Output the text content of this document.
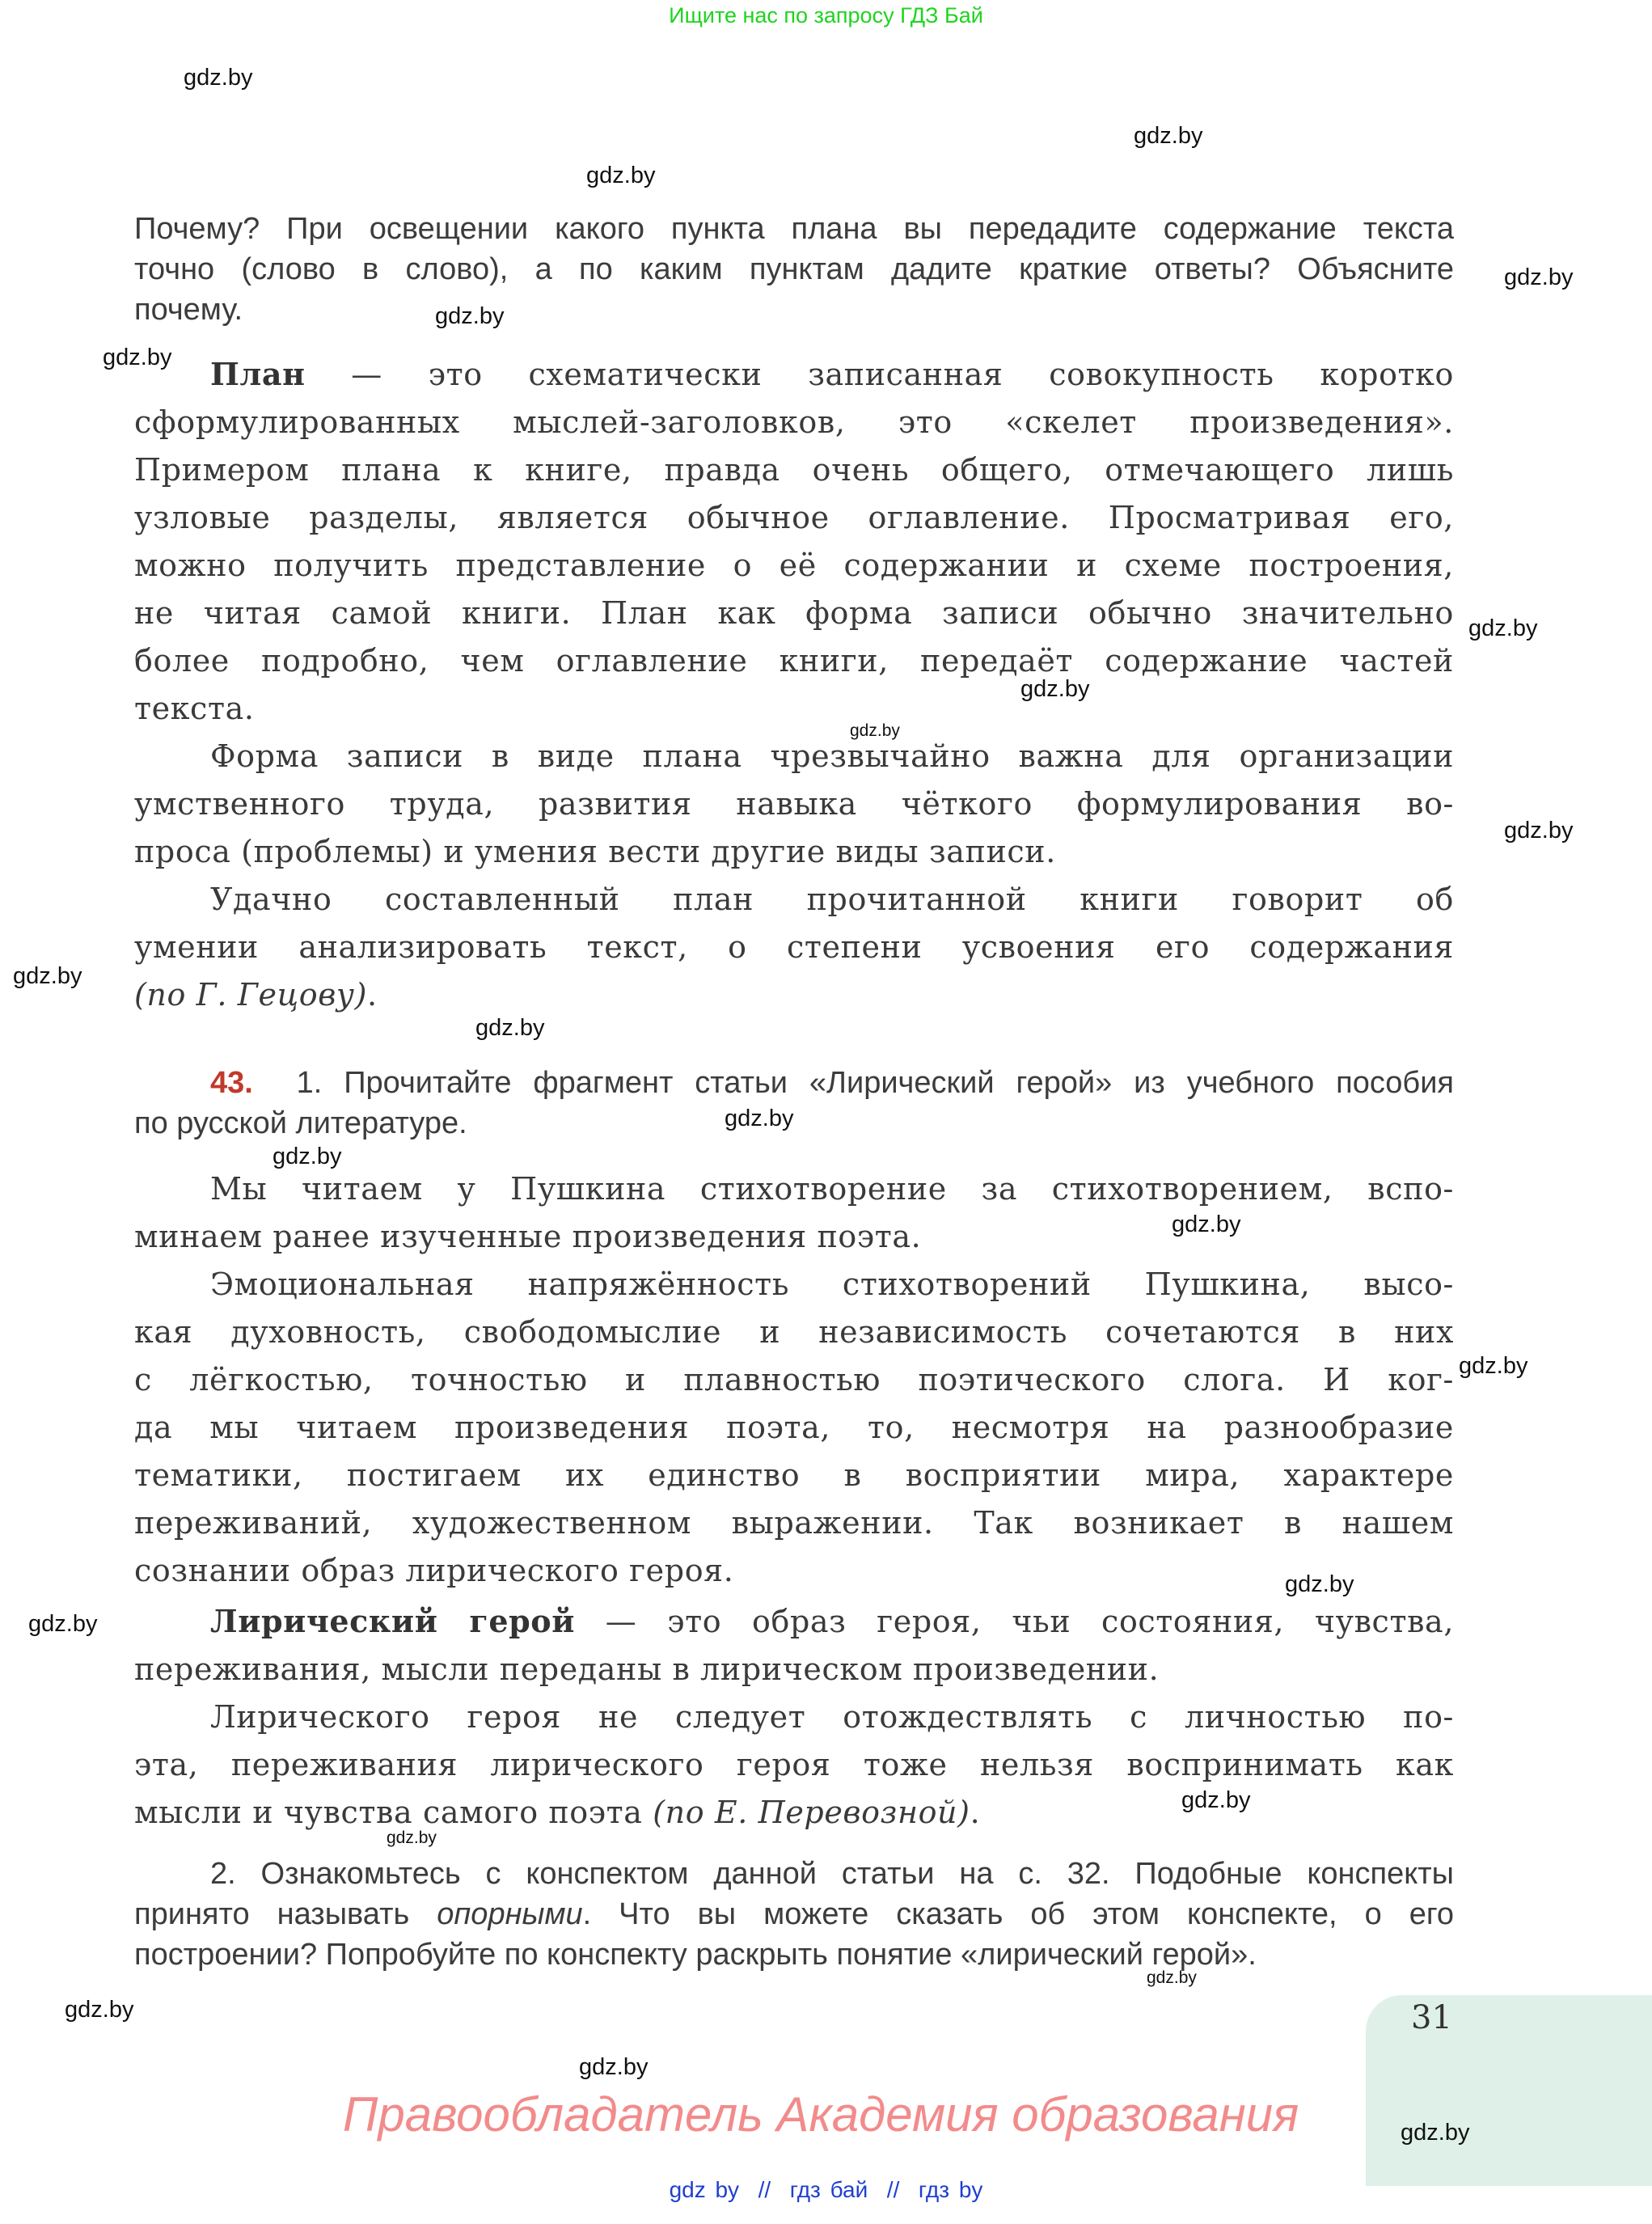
Ищите нас по запросу ГДЗ Бай
Почему? При освещении какого пункта плана вы передадите содержание текста
точно (слово в слово), а по каким пунктам дадите краткие ответы? Объясните
почему.
План — это схематически записанная совокупность коротко
сформулированных мыслей-заголовков, это «скелет произведения».
Примером плана к книге, правда очень общего, отмечающего лишь
узловые разделы, является обычное оглавление. Просматривая его,
можно получить представление о её содержании и схеме построения,
не читая самой книги. План как форма записи обычно значительно
более подробно, чем оглавление книги, передаёт содержание частей
текста.
Форма записи в виде плана чрезвычайно важна для организации
умственного труда, развития навыка чёткого формулирования во-
проса (проблемы) и умения вести другие виды записи.
Удачно составленный план прочитанной книги говорит об
умении анализировать текст, о степени усвоения его содержания
(по Г. Гецову).
43. 1. Прочитайте фрагмент статьи «Лирический герой» из учебного пособия
по русской литературе.
Мы читаем у Пушкина стихотворение за стихотворением, вспо-
минаем ранее изученные произведения поэта.
Эмоциональная напряжённость стихотворений Пушкина, высо-
кая духовность, свободомыслие и независимость сочетаются в них
с лёгкостью, точностью и плавностью поэтического слога. И ког-
да мы читаем произведения поэта, то, несмотря на разнообразие
тематики, постигаем их единство в восприятии мира, характере
переживаний, художественном выражении. Так возникает в нашем
сознании образ лирического героя.
Лирический герой — это образ героя, чьи состояния, чувства,
переживания, мысли переданы в лирическом произведении.
Лирического героя не следует отождествлять с личностью по-
эта, переживания лирического героя тоже нельзя воспринимать как
мысли и чувства самого поэта (по Е. Перевозной).
2. Ознакомьтесь с конспектом данной статьи на с. 32. Подобные конспекты
принято называть опорными. Что вы можете сказать об этом конспекте, о его
построении? Попробуйте по конспекту раскрыть понятие «лирический герой».
31
gdz.by
gdz.by
gdz.by
gdz.by
gdz.by
gdz.by
gdz.by
gdz.by
gdz.by
gdz.by
gdz.by
gdz.by
gdz.by
gdz.by
gdz.by
gdz.by
gdz.by
gdz.by
gdz.by
gdz.by
gdz.by
gdz.by
gdz.by
gdz.by
Правообладатель Академия образования
gdz by  //  гдз бай  //  гдз by
